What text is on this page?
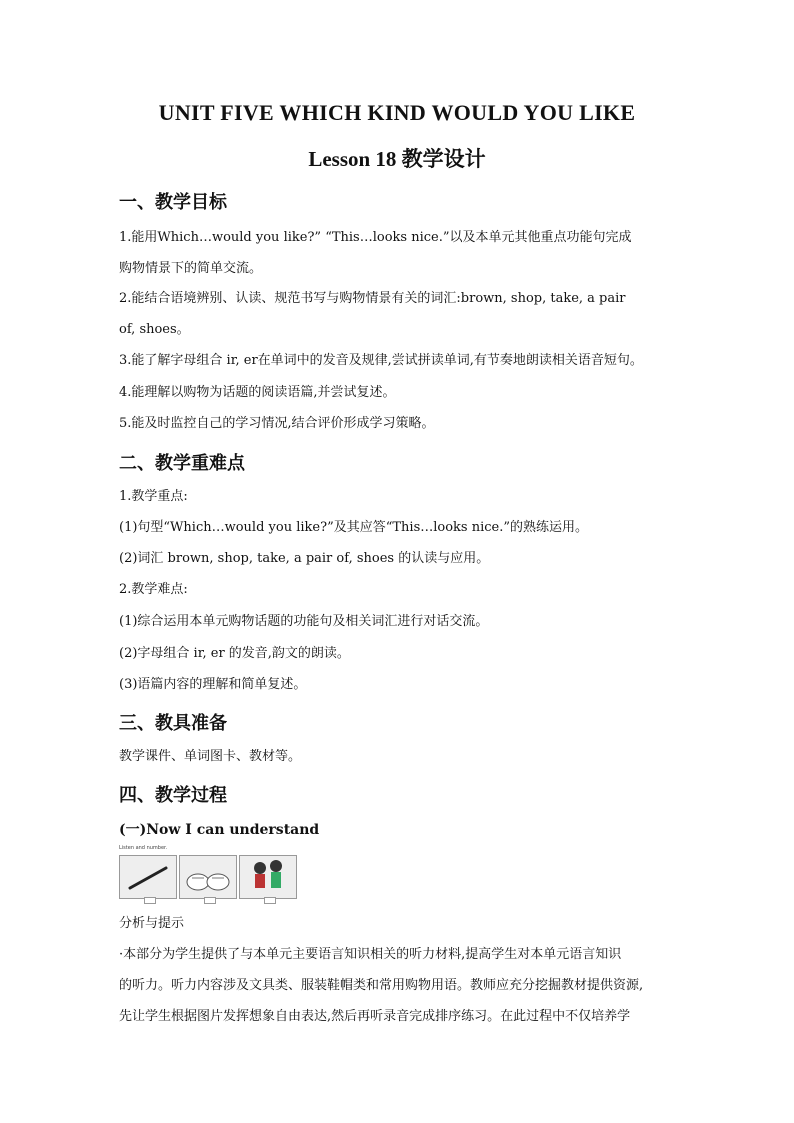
UNIT FIVE WHICH KIND WOULD YOU LIKE
Lesson 18 教学设计
一、教学目标
1.能用Which…would you like?” “This…looks nice.”以及本单元其他重点功能句完成
购物情景下的简单交流。
2.能结合语境辨别、认读、规范书写与购物情景有关的词汇:brown, shop, take, a pair
of, shoes。
3.能了解字母组合 ir, er在单词中的发音及规律,尝试拼读单词,有节奏地朗读相关语音短句。
4.能理解以购物为话题的阅读语篇,并尝试复述。
5.能及时监控自己的学习情况,结合评价形成学习策略。
二、教学重难点
1.教学重点:
(1)句型“Which…would you like?”及其应答“This…looks nice.”的熟练运用。
(2)词汇 brown, shop, take, a pair of, shoes 的认读与应用。
2.教学难点:
(1)综合运用本单元购物话题的功能句及相关词汇进行对话交流。
(2)字母组合 ir, er 的发音,韵文的朗读。
(3)语篇内容的理解和简单复述。
三、教具准备
教学课件、单词图卡、教材等。
四、教学过程
(一)Now I can understand
Listen and number.
分析与提示
·本部分为学生提供了与本单元主要语言知识相关的听力材料,提高学生对本单元语言知识
的听力。听力内容涉及文具类、服装鞋帽类和常用购物用语。教师应充分挖掘教材提供资源,
先让学生根据图片发挥想象自由表达,然后再听录音完成排序练习。在此过程中不仅培养学
